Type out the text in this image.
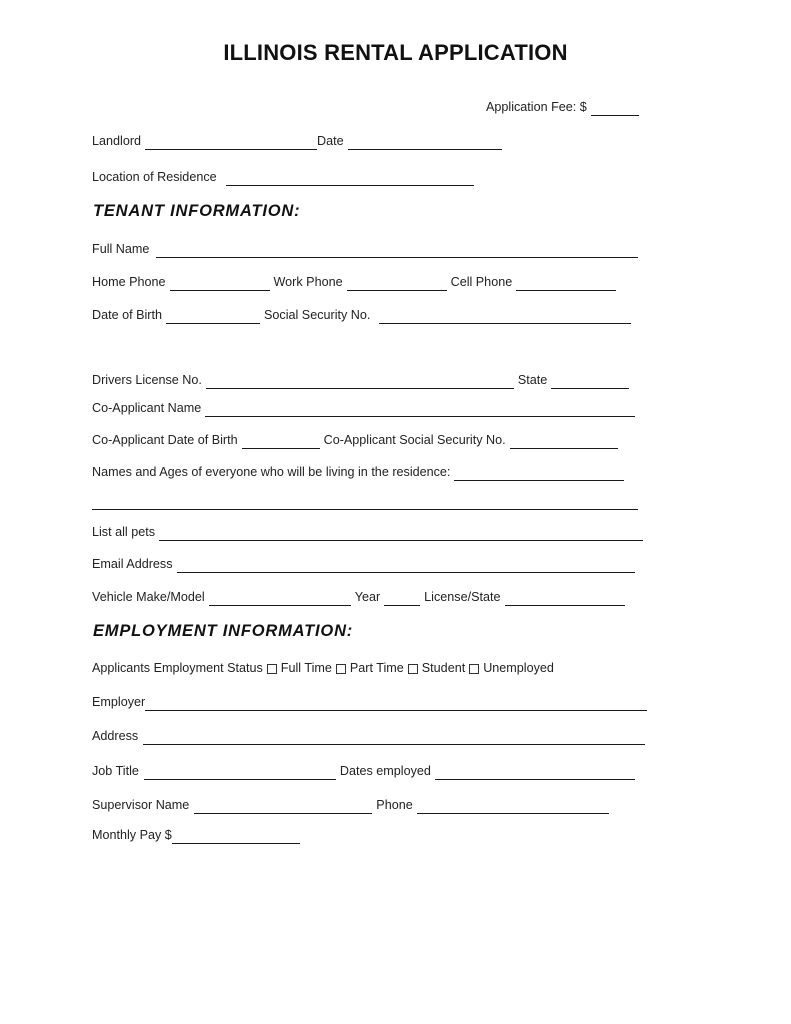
ILLINOIS RENTAL APPLICATION
Application Fee: $
Landlord	Date
Location of Residence
TENANT INFORMATION:
Full Name
Home Phone	Work Phone	Cell Phone
Date of Birth	Social Security No.
Drivers License No.	State
Co-Applicant Name
Co-Applicant Date of Birth	Co-Applicant Social Security No.
Names and Ages of everyone who will be living in the residence:
List all pets
Email Address
Vehicle Make/Model	Year	License/State
EMPLOYMENT INFORMATION:
Applicants Employment Status Full Time Part Time Student Unemployed
Employer
Address
Job Title	Dates employed
Supervisor Name	Phone
Monthly Pay $
